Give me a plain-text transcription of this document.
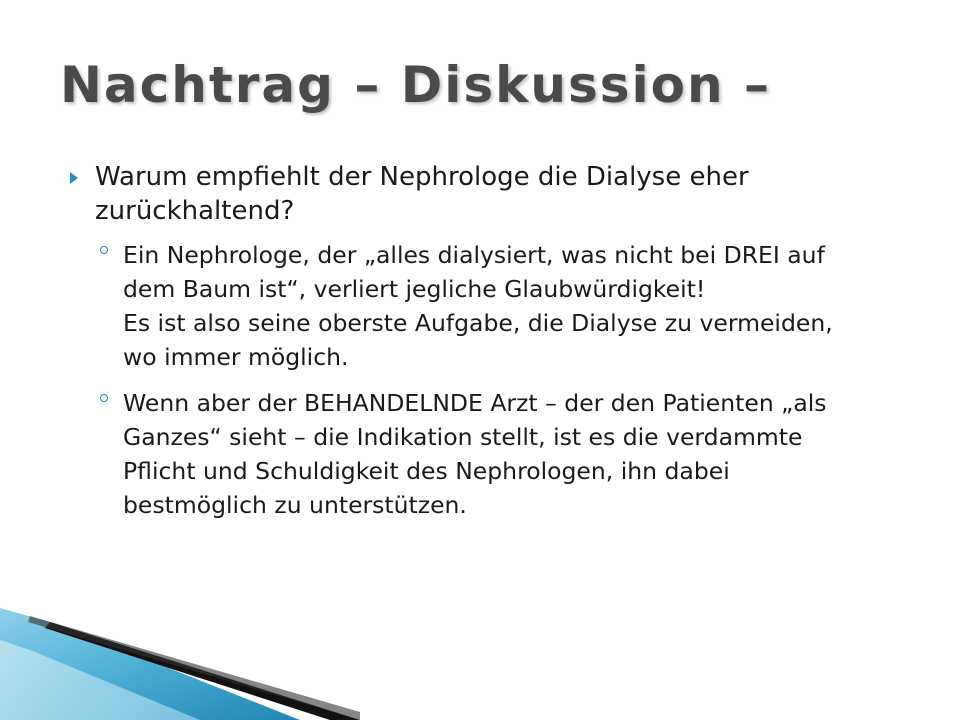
Nachtrag – Diskussion –
Warum empfiehlt der Nephrologe die Dialyse eher zurückhaltend?
Ein Nephrologe, der „alles dialysiert, was nicht bei DREI auf dem Baum ist“, verliert jegliche Glaubwürdigkeit!
Es ist also seine oberste Aufgabe, die Dialyse zu vermeiden, wo immer möglich.
Wenn aber der BEHANDELNDE Arzt – der den Patienten „als Ganzes“ sieht – die Indikation stellt, ist es die verdammte Pflicht und Schuldigkeit des Nephrologen, ihn dabei bestmöglich zu unterstützen.
